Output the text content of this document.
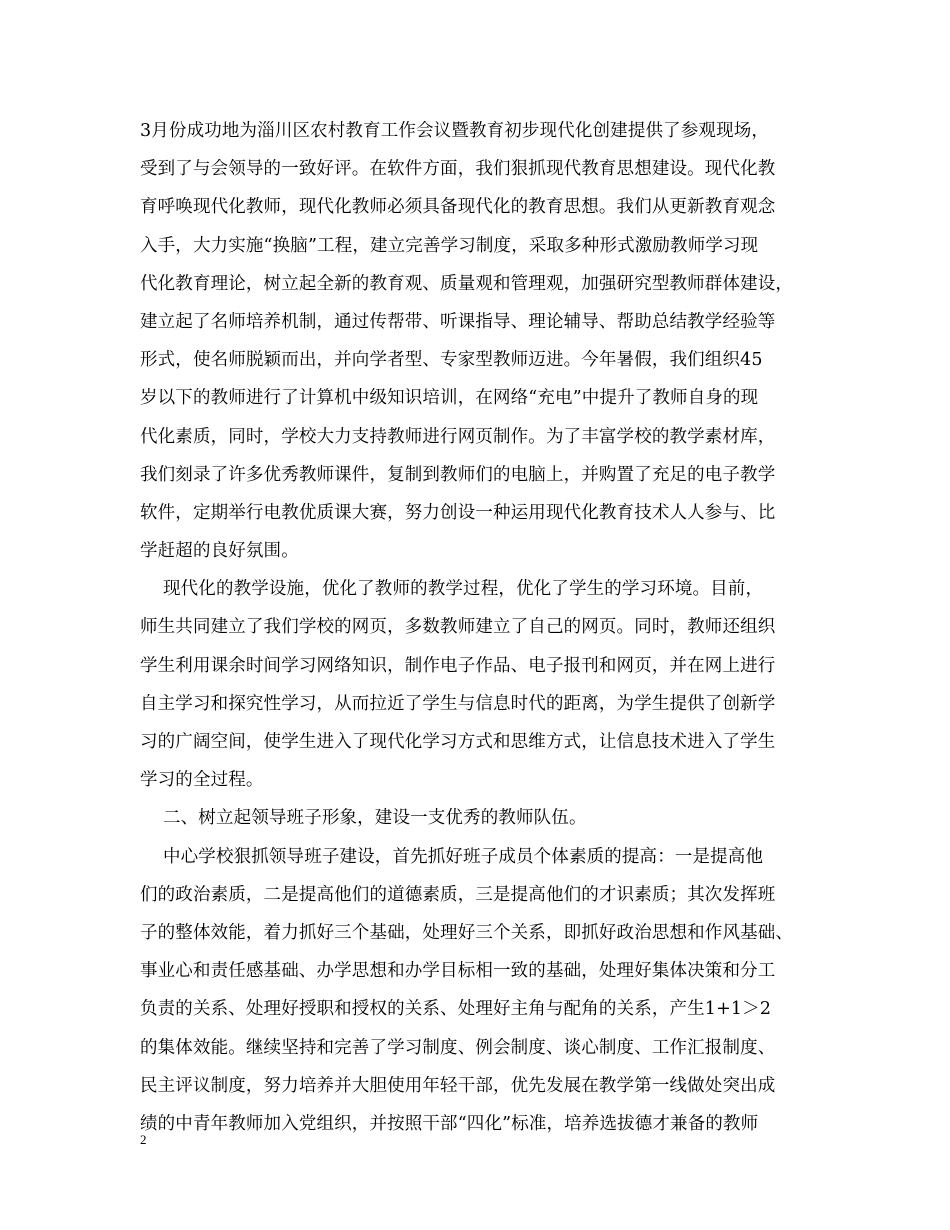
3月份成功地为淄川区农村教育工作会议暨教育初步现代化创建提供了参观现场，
受到了与会领导的一致好评。在软件方面，我们狠抓现代教育思想建设。现代化教
育呼唤现代化教师，现代化教师必须具备现代化的教育思想。我们从更新教育观念
入手，大力实施“换脑”工程，建立完善学习制度，采取多种形式激励教师学习现
代化教育理论，树立起全新的教育观、质量观和管理观，加强研究型教师群体建设，
建立起了名师培养机制，通过传帮带、听课指导、理论辅导、帮助总结教学经验等
形式，使名师脱颖而出，并向学者型、专家型教师迈进。今年暑假，我们组织45
岁以下的教师进行了计算机中级知识培训，在网络“充电”中提升了教师自身的现
代化素质，同时，学校大力支持教师进行网页制作。为了丰富学校的教学素材库，
我们刻录了许多优秀教师课件，复制到教师们的电脑上，并购置了充足的电子教学
软件，定期举行电教优质课大赛，努力创设一种运用现代化教育技术人人参与、比
学赶超的良好氛围。
现代化的教学设施，优化了教师的教学过程，优化了学生的学习环境。目前，
师生共同建立了我们学校的网页，多数教师建立了自己的网页。同时，教师还组织
学生利用课余时间学习网络知识，制作电子作品、电子报刊和网页，并在网上进行
自主学习和探究性学习，从而拉近了学生与信息时代的距离，为学生提供了创新学
习的广阔空间，使学生进入了现代化学习方式和思维方式，让信息技术进入了学生
学习的全过程。
二、树立起领导班子形象，建设一支优秀的教师队伍。
中心学校狠抓领导班子建设，首先抓好班子成员个体素质的提高：一是提高他
们的政治素质，二是提高他们的道德素质，三是提高他们的才识素质；其次发挥班
子的整体效能，着力抓好三个基础，处理好三个关系，即抓好政治思想和作风基础、
事业心和责任感基础、办学思想和办学目标相一致的基础，处理好集体决策和分工
负责的关系、处理好授职和授权的关系、处理好主角与配角的关系，产生1+1＞2
的集体效能。继续坚持和完善了学习制度、例会制度、谈心制度、工作汇报制度、
民主评议制度，努力培养并大胆使用年轻干部，优先发展在教学第一线做处突出成
绩的中青年教师加入党组织，并按照干部“四化”标准，培养选拔德才兼备的教师
2
